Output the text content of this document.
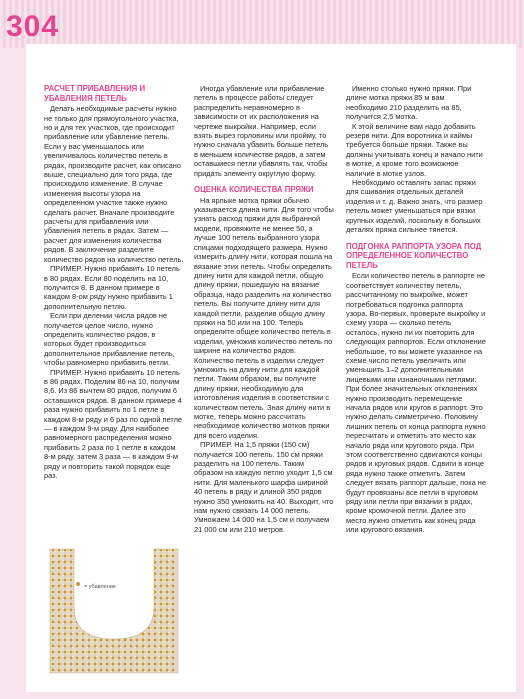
304
РАСЧЕТ ПРИБАВЛЕНИЯ И УБАВЛЕНИЯ ПЕТЕЛЬ

Делать необходимые расчеты нужно не только для прямоугольного участка, но и для тех участков, где происходит прибавление или убавление петель. Если у вас уменьшалось или увеличивалось количество петель в рядах, производите расчет, как описано выше, специально для того ряда, где происходило изменение. В случае изменения высоты узора на определенном участке также нужно сделать расчет. Вначале производите расчеты для прибавления или убавления петель в рядах. Затем — расчет для изменения количества рядов. В заключение разделите количество рядов на количество петель.

ПРИМЕР. Нужно прибавить 10 петель в 80 рядах. Если 80 поделить на 10, получится 8. В данном примере в каждом 8-ом ряду нужно прибавить 1 дополнительную петлю.

Если при делении числа рядов не получается целое число, нужно определить количество рядов, в которых будет производиться дополнительное прибавление петель, чтобы равномерно прибавить петли.

ПРИМЕР. Нужно прибавить 10 петель в 86 рядах. Поделим 86 на 10, получим 8,6. Из 86 вычтем 80 рядов, получим 6 оставшихся рядов. В данном примере 4 раза нужно прибавить по 1 петле в каждом 8-м ряду и 6 раз по одной петле — в каждом 9-м ряду. Для наиболее равномерного распределения можно прибавить 2 раза по 1 петле в каждом 8-м ряду, затем 3 раза — в каждом 9-м ряду и повторить такой порядок еще раз.

= убавление

Иногда убавление или прибавление петель в процессе работы следует распределить неравномерно в зависимости от их расположения на чертеже выкройки. Например, если взять вырез горловины или пройму, то нужно сначала убавить больше петель в меньшем количестве рядов, а затем оставшиеся петли убавлять так, чтобы придать элементу округлую форму.

ОЦЕНКА КОЛИЧЕСТВА ПРЯЖИ

На ярлыке мотка пряжи обычно указывается длина нити. Для того чтобы узнать расход пряжи для выбранной модели, провяжите не менее 50, а лучше 100 петель выбранного узора спицами подходящего размера. Нужно измерить длину нити, которая пошла на вязание этих петель. Чтобы определить длину нити для каждой петли, общую длину пряжи, пошедшую на вязание образца, надо разделить на количество петель. Вы получите длину нити для каждой петли, разделив общую длину пряжи на 50 или на 100. Теперь определите общее количество петель в изделии, умножив количество петель по ширине на количество рядов. Количество петель в изделии следует умножить на длину нити для каждой петли. Таким образом, вы получите длину пряжи, необходимую для изготовления изделия в соответствии с количеством петель. Зная длину нити в мотке, теперь можно рассчитать необходимое количество мотков пряжи для всего изделия.

ПРИМЕР. На 1,5 пряжи (150 см) получается 100 петель. 150 см пряжи разделить на 100 петель. Таким образом на каждую петлю уходит 1,5 см нити. Для маленького шарфа шириной 40 петель в ряду и длиной 350 рядов нужно 350 умножить на 40. Выходит, что нам нужно связать 14 000 петель. Умножаем 14 000 на 1,5 см и получаем 21 000 см или 210 метров.

Именно столько нужно пряжи. При длине мотка пряжи 85 м вам необходимо 210 разделить на 85, получится 2,5 мотка.

К этой величине вам надо добавить резерв нити. Для воротника и каймы требуется больше пряжи. Также вы должны учитывать конец и начало нити в мотке, а кроме того возможное наличие в мотке узлов.

Необходимо оставлять запас пряжи для сшивания отдельных деталей изделия и т. д. Важно знать, что размер петель может уменьшаться при вязки крупных изделий, поскольку в больших деталях пряжа сильнее тянется.

ПОДГОНКА РАППОРТА УЗОРА ПОД ОПРЕДЕЛЕННОЕ КОЛИЧЕСТВО ПЕТЕЛЬ

Если количество петель в раппорте не соответствует количеству петель, рассчитанному по выкройке, может потребоваться подгонка раппорта узора. Во-первых, проверьте выкройку и схему узора — сколько петель осталось, нужно ли их повторить для следующих раппортов. Если отклонение небольшое, то вы можете указанное на схеме число петель увеличить или уменьшить 1–2 дополнительными лицевыми или изнаночными петлями. При более значительных отклонениях нужно производить перемещение начала рядов или кругов в раппорт. Это нужно делать симметрично. Половину лишних петель от конца раппорта нужно пересчитать и отметить это место как начало ряда или кругового ряда. При этом соответственно сдвигаются концы рядов и круговых рядов. Сдвиги в конце ряда нужно также отметить. Затем следует вязать раппорт дальше, пока не будут провязаны все петли в круговом ряду или петли при вязании в рядах, кроме кромочной петли. Далее это место нужно отметить как конец ряда или кругового вязания.
